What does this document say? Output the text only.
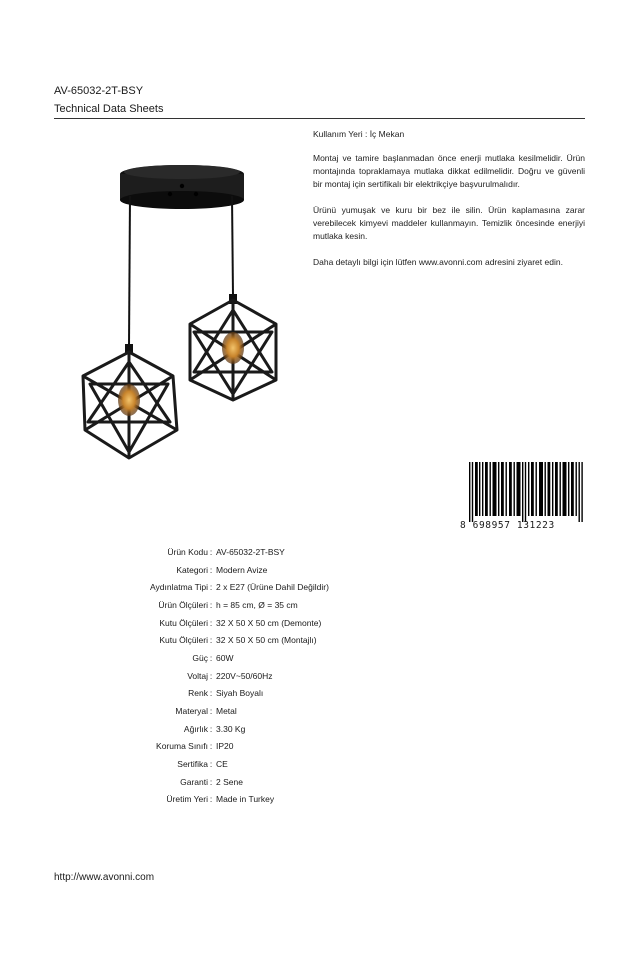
AV-65032-2T-BSY

Technical Data Sheets

Kullanım Yeri : İç Mekan

Montaj ve tamire başlanmadan önce enerji mutlaka kesilmelidir. Ürün montajında topraklamaya mutlaka dikkat edilmelidir. Doğru ve güvenli bir montaj için sertifikalı bir elektrikçiye başvurulmalıdır.

Ürünü yumuşak ve kuru bir bez ile silin. Ürün kaplamasına zarar verebilecek kimyevi maddeler kullanmayın. Temizlik öncesinde enerjiyi mutlaka kesin.

Daha detaylı bilgi için lütfen www.avonni.com adresini ziyaret edin.

8 698957 131223
Ürün Kodu : AV-65032-2T-BSY
Kategori : Modern Avize
Aydınlatma Tipi : 2 x E27 (Ürüne Dahil Değildir)
Ürün Ölçüleri : h = 85 cm, Ø = 35 cm
Kutu Ölçüleri : 32 X 50 X 50 cm (Demonte)
Kutu Ölçüleri : 32 X 50 X 50 cm (Montajlı)
Güç : 60W
Voltaj : 220V~50/60Hz
Renk : Siyah Boyalı
Materyal : Metal
Ağırlık : 3.30 Kg
Koruma Sınıfı : IP20
Sertifika : CE
Garanti : 2 Sene
Üretim Yeri : Made in Turkey
http://www.avonni.com
